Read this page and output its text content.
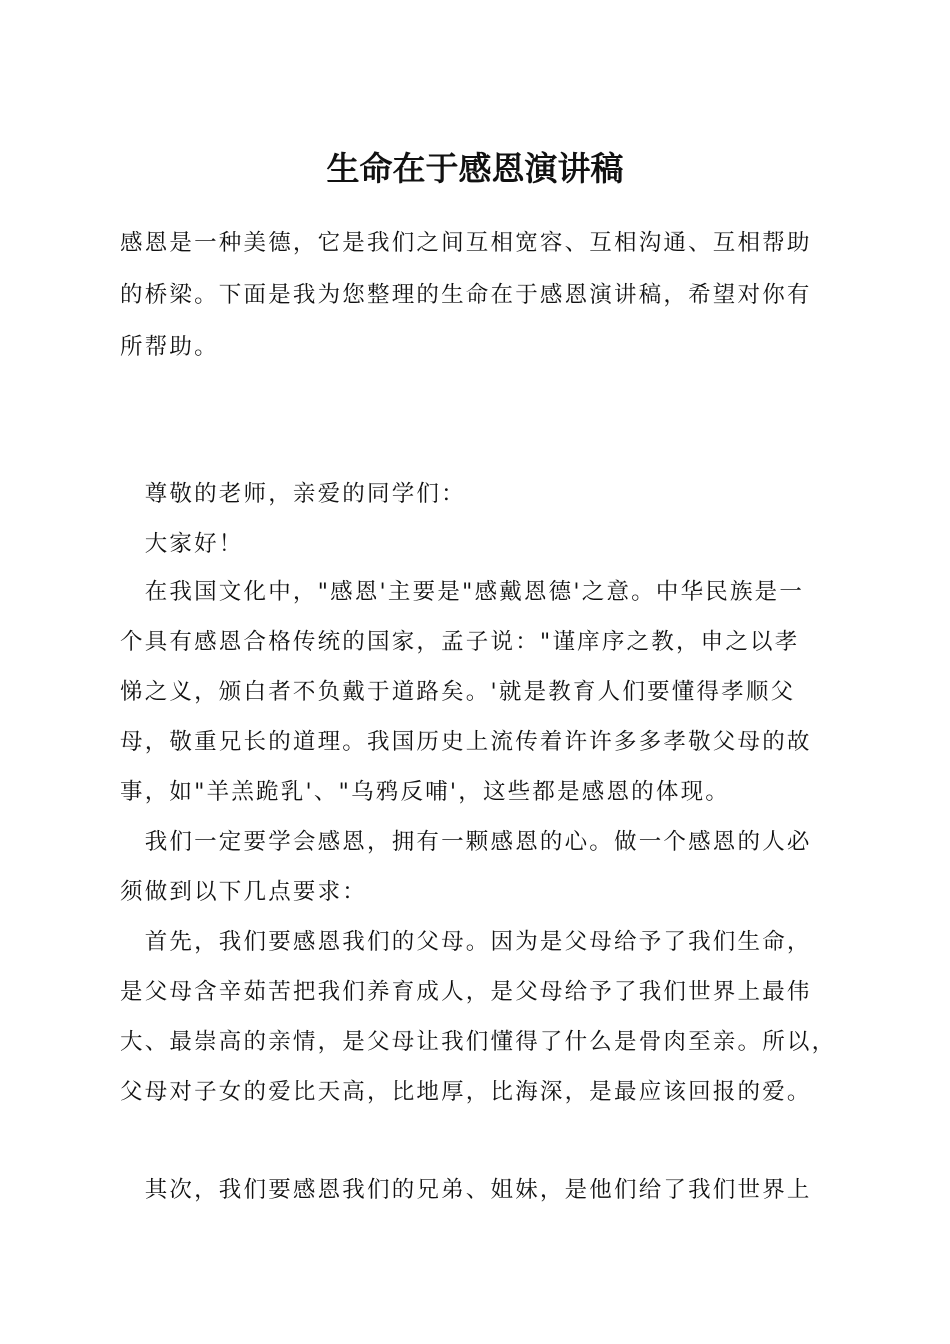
生命在于感恩演讲稿
感恩是一种美德，它是我们之间互相宽容、互相沟通、互相帮助
的桥梁。下面是我为您整理的生命在于感恩演讲稿，希望对你有
所帮助。
　尊敬的老师，亲爱的同学们：
　大家好！
　在我国文化中，"感恩'主要是"感戴恩德'之意。中华民族是一
个具有感恩合格传统的国家，孟子说："谨庠序之教，申之以孝
悌之义，颁白者不负戴于道路矣。'就是教育人们要懂得孝顺父
母，敬重兄长的道理。我国历史上流传着许许多多孝敬父母的故
事，如"羊羔跪乳'、"乌鸦反哺'，这些都是感恩的体现。
　我们一定要学会感恩，拥有一颗感恩的心。做一个感恩的人必
须做到以下几点要求：
　首先，我们要感恩我们的父母。因为是父母给予了我们生命，
是父母含辛茹苦把我们养育成人，是父母给予了我们世界上最伟
大、最崇高的亲情，是父母让我们懂得了什么是骨肉至亲。所以，
父母对子女的爱比天高，比地厚，比海深，是最应该回报的爱。
　其次，我们要感恩我们的兄弟、姐妹，是他们给了我们世界上
